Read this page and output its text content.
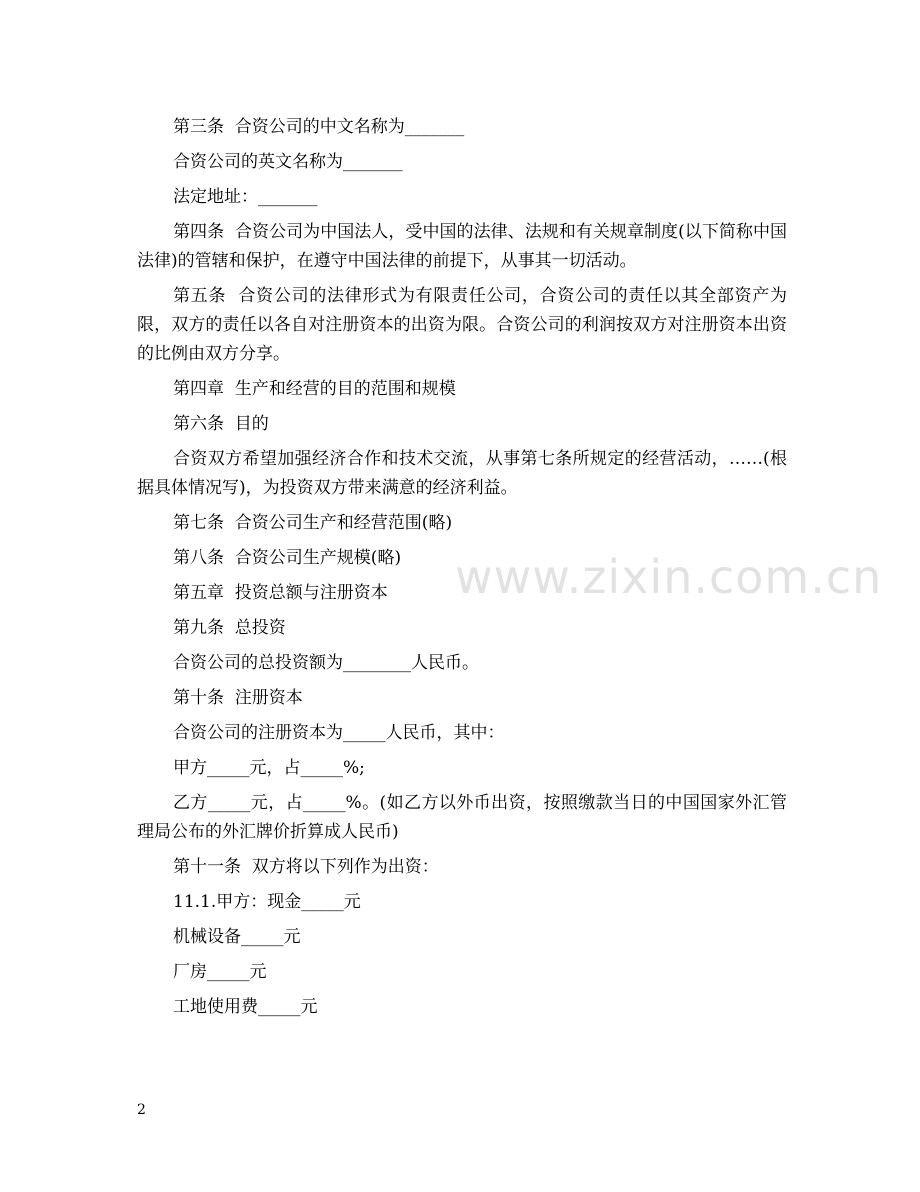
第三条  合资公司的中文名称为_______

合资公司的英文名称为_______

法定地址：_______

第四条  合资公司为中国法人，受中国的法律、法规和有关规章制度(以下简称中国法律)的管辖和保护，在遵守中国法律的前提下，从事其一切活动。

第五条  合资公司的法律形式为有限责任公司，合资公司的责任以其全部资产为限，双方的责任以各自对注册资本的出资为限。合资公司的利润按双方对注册资本出资的比例由双方分享。

第四章  生产和经营的目的范围和规模

第六条  目的

合资双方希望加强经济合作和技术交流，从事第七条所规定的经营活动，……(根据具体情况写)，为投资双方带来满意的经济利益。

第七条  合资公司生产和经营范围(略)

第八条  合资公司生产规模(略)

第五章  投资总额与注册资本

第九条  总投资

合资公司的总投资额为________人民币。

第十条  注册资本

合资公司的注册资本为_____人民币，其中：

甲方_____元，占_____%;

乙方_____元，占_____%。(如乙方以外币出资，按照缴款当日的中国国家外汇管理局公布的外汇牌价折算成人民币)

第十一条  双方将以下列作为出资：

11.1.甲方：现金_____元

机械设备_____元

厂房_____元

工地使用费_____元

www.zixin.com.cn
2
